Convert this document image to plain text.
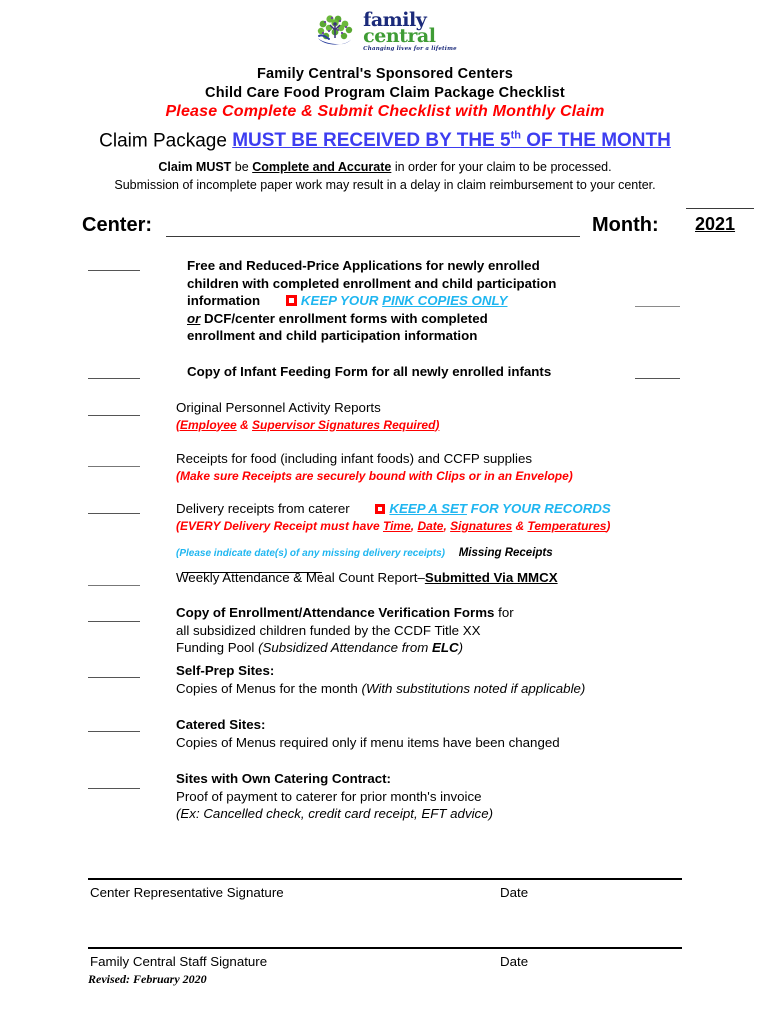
family
central
Changing lives for a lifetime
Family Central's Sponsored Centers
Child Care Food Program Claim Package Checklist
Please Complete & Submit Checklist with Monthly Claim
Claim Package MUST BE RECEIVED BY THE 5th OF THE MONTH
Claim MUST be Complete and Accurate in order for your claim to be processed.
Submission of incomplete paper work may result in a delay in claim reimbursement to your center.
Center:	Month: 2021
Free and Reduced-Price Applications for newly enrolled
children with completed enrollment and child participation
information	KEEP YOUR PINK COPIES ONLY
or DCF/center enrollment forms with completed
enrollment and child participation information
Copy of Infant Feeding Form for all newly enrolled infants
Original Personnel Activity Reports
(Employee & Supervisor Signatures Required)
Receipts for food (including infant foods) and CCFP supplies
(Make sure Receipts are securely bound with Clips or in an Envelope)
Delivery receipts from caterer	KEEP A SET FOR YOUR RECORDS
(EVERY Delivery Receipt must have Time, Date, Signatures & Temperatures)
(Please indicate date(s) of any missing delivery receipts) Missing Receipts
Weekly Attendance & Meal Count Report–Submitted Via MMCX
Copy of Enrollment/Attendance Verification Forms for
all subsidized children funded by the CCDF Title XX
Funding Pool (Subsidized Attendance from ELC)
Self-Prep Sites:
Copies of Menus for the month (With substitutions noted if applicable)
Catered Sites:
Copies of Menus required only if menu items have been changed
Sites with Own Catering Contract:
Proof of payment to caterer for prior month's invoice
(Ex: Cancelled check, credit card receipt, EFT advice)
Center Representative Signature	Date
Family Central Staff Signature	Date
Revised: February 2020
